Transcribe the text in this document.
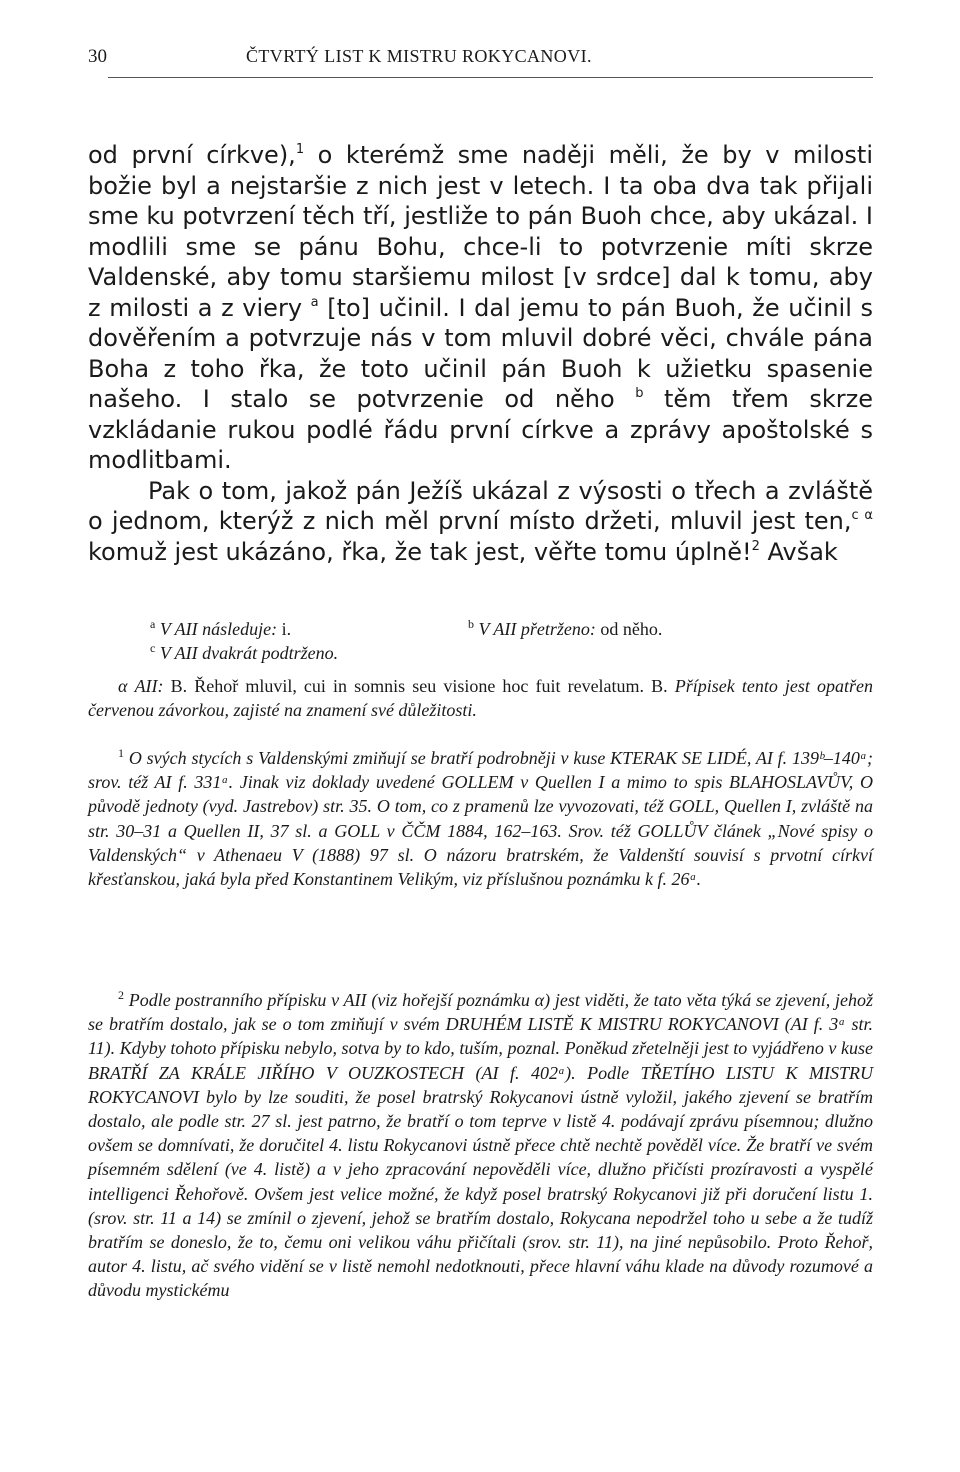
30	ČTVRTÝ LIST K MISTRU ROKYCANOVI.

od první církve),$^1$ o kterémž sme naději měli, že by v milosti božie byl a nejstaršie z nich jest v letech. I ta oba dva tak přijali sme ku potvrzení těch tří, jestliže to pán Buoh chce, aby ukázal. I modlili sme se pánu Bohu, chce-li to potvrzenie míti skrze Valdenské, aby tomu staršiemu milost [v srdce] dal k tomu, aby z milosti a z viery $^a$ [to] učinil. I dal jemu to pán Buoh, že učinil s dověřením a potvrzuje nás v tom mluvil dobré věci, chvále pána Boha z toho řka, že toto učinil pán Buoh k užietku spasenie našeho. I stalo se potvrzenie od něho $^b$ těm třem skrze vzkládanie rukou podlé řádu první církve a zprávy apoštolské s modlitbami.

Pak o tom, jakož pán Ježíš ukázal z výsosti o třech a zvláště o jednom, kterýž z nich měl první místo držeti, mluvil jest ten,$^{c \alpha}$ komuž jest ukázáno, řka, že tak jest, věřte tomu úplně!$^2$ Avšak

$^a$ V AII následuje: i.	$^b$ V AII přetrženo: od něho.
$^c$ V AII dvakrát podtrženo.

α AII: B. Řehoř mluvil, cui in somnis seu visione hoc fuit revelatum. B. Přípisek tento jest opatřen červenou závorkou, zajisté na znamení své důležitosti.

$^1$ O svých stycích s Valdenskými zmiňují se bratří podrobněji v kuse KTERAK SE LIDÉ, AI f. 139ᵇ–140ᵃ; srov. též AI f. 331ᵃ. Jinak viz doklady uvedené GOLLEM v Quellen I a mimo to spis BLAHOSLAVŮV, O původě jednoty (vyd. Jastrebov) str. 35. O tom, co z pramenů lze vyvozovati, též GOLL, Quellen I, zvláště na str. 30–31 a Quellen II, 37 sl. a GOLL v ČČM 1884, 162–163. Srov. též GOLLŮV článek „Nové spisy o Valdenských“ v Athenaeu V (1888) 97 sl. O názoru bratrském, že Valdenští souvisí s prvotní církví křesťanskou, jaká byla před Konstantinem Velikým, viz příslušnou poznámku k f. 26ᵃ.

$^2$ Podle postranního přípisku v AII (viz hořejší poznámku α) jest viděti, že tato věta týká se zjevení, jehož se bratřím dostalo, jak se o tom zmiňují v svém DRUHÉM LISTĚ K MISTRU ROKYCANOVI (AI f. 3ᵃ str. 11). Kdyby tohoto přípisku nebylo, sotva by to kdo, tuším, poznal. Poněkud zřetelněji jest to vyjádřeno v kuse BRATŘÍ ZA KRÁLE JIŘÍHO V OUZKOSTECH (AI f. 402ᵃ). Podle TŘETÍHO LISTU K MISTRU ROKYCANOVI bylo by lze souditi, že posel bratrský Rokycanovi ústně vyložil, jakého zjevení se bratřím dostalo, ale podle str. 27 sl. jest patrno, že bratří o tom teprve v listě 4. podávají zprávu písemnou; dlužno ovšem se domnívati, že doručitel 4. listu Rokycanovi ústně přece chtě nechtě pověděl více. Že bratří ve svém písemném sdělení (ve 4. listě) a v jeho zpracování nepověděli více, dlužno přičísti prozíravosti a vyspělé intelligenci Řehořově. Ovšem jest velice možné, že když posel bratrský Rokycanovi již při doručení listu 1. (srov. str. 11 a 14) se zmínil o zjevení, jehož se bratřím dostalo, Rokycana nepodržel toho u sebe a že tudíž bratřím se doneslo, že to, čemu oni velikou váhu přičítali (srov. str. 11), na jiné nepůsobilo. Proto Řehoř, autor 4. listu, ač svého vidění se v listě nemohl nedotknouti, přece hlavní váhu klade na důvody rozumové a důvodu mystickému
